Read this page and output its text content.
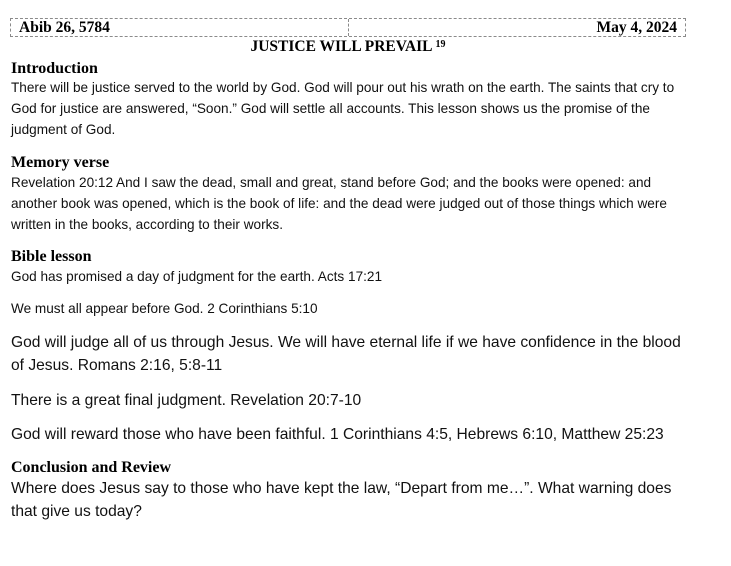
Abib 26, 5784	May 4, 2024
JUSTICE WILL PREVAIL $^{19}$
Introduction
There will be justice served to the world by God. God will pour out his wrath on the earth. The saints that cry to God for justice are answered, “Soon.” God will settle all accounts. This lesson shows us the promise of the judgment of God.
Memory verse
Revelation 20:12 And I saw the dead, small and great, stand before God; and the books were opened: and another book was opened, which is the book of life: and the dead were judged out of those things which were written in the books, according to their works.
Bible lesson
God has promised a day of judgment for the earth. Acts 17:21
We must all appear before God. 2 Corinthians 5:10
God will judge all of us through Jesus. We will have eternal life if we have confidence in the blood of Jesus. Romans 2:16, 5:8-11
There is a great final judgment. Revelation 20:7-10
God will reward those who have been faithful. 1 Corinthians 4:5, Hebrews 6:10, Matthew 25:23
Conclusion and Review
Where does Jesus say to those who have kept the law, “Depart from me…”. What warning does that give us today?
